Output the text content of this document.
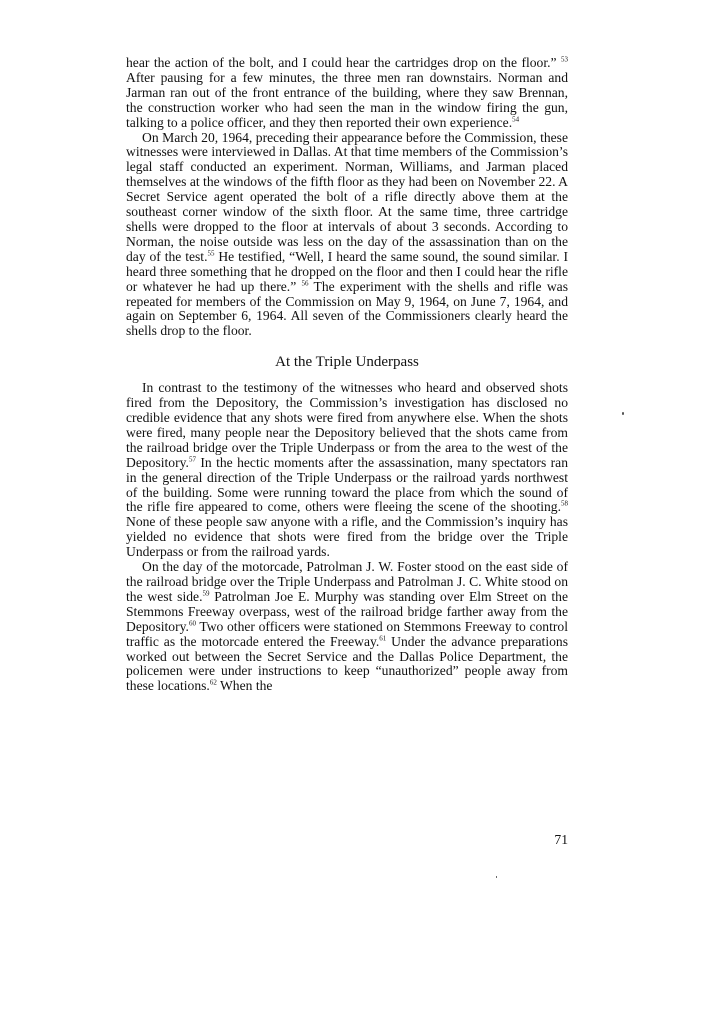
hear the action of the bolt, and I could hear the cartridges drop on the floor.” $^{53}$ After pausing for a few minutes, the three men ran downstairs. Norman and Jarman ran out of the front entrance of the building, where they saw Brennan, the construction worker who had seen the man in the window firing the gun, talking to a police officer, and they then reported their own experience.$^{54}$

On March 20, 1964, preceding their appearance before the Commission, these witnesses were interviewed in Dallas. At that time members of the Commission’s legal staff conducted an experiment. Norman, Williams, and Jarman placed themselves at the windows of the fifth floor as they had been on November 22. A Secret Service agent operated the bolt of a rifle directly above them at the southeast corner window of the sixth floor. At the same time, three cartridge shells were dropped to the floor at intervals of about 3 seconds. According to Norman, the noise outside was less on the day of the assassination than on the day of the test.$^{55}$ He testified, “Well, I heard the same sound, the sound similar. I heard three something that he dropped on the floor and then I could hear the rifle or whatever he had up there.” $^{56}$ The experiment with the shells and rifle was repeated for members of the Commission on May 9, 1964, on June 7, 1964, and again on September 6, 1964. All seven of the Commissioners clearly heard the shells drop to the floor.

At the Triple Underpass

In contrast to the testimony of the witnesses who heard and observed shots fired from the Depository, the Commission’s investigation has disclosed no credible evidence that any shots were fired from anywhere else. When the shots were fired, many people near the Depository believed that the shots came from the railroad bridge over the Triple Underpass or from the area to the west of the Depository.$^{57}$ In the hectic moments after the assassination, many spectators ran in the general direction of the Triple Underpass or the railroad yards northwest of the building. Some were running toward the place from which the sound of the rifle fire appeared to come, others were fleeing the scene of the shooting.$^{58}$ None of these people saw anyone with a rifle, and the Commission’s inquiry has yielded no evidence that shots were fired from the bridge over the Triple Underpass or from the railroad yards.

On the day of the motorcade, Patrolman J. W. Foster stood on the east side of the railroad bridge over the Triple Underpass and Patrolman J. C. White stood on the west side.$^{59}$ Patrolman Joe E. Murphy was standing over Elm Street on the Stemmons Freeway overpass, west of the railroad bridge farther away from the Depository.$^{60}$ Two other officers were stationed on Stemmons Freeway to control traffic as the motorcade entered the Freeway.$^{61}$ Under the advance preparations worked out between the Secret Service and the Dallas Police Department, the policemen were under instructions to keep “unauthorized” people away from these locations.$^{62}$ When the

71
